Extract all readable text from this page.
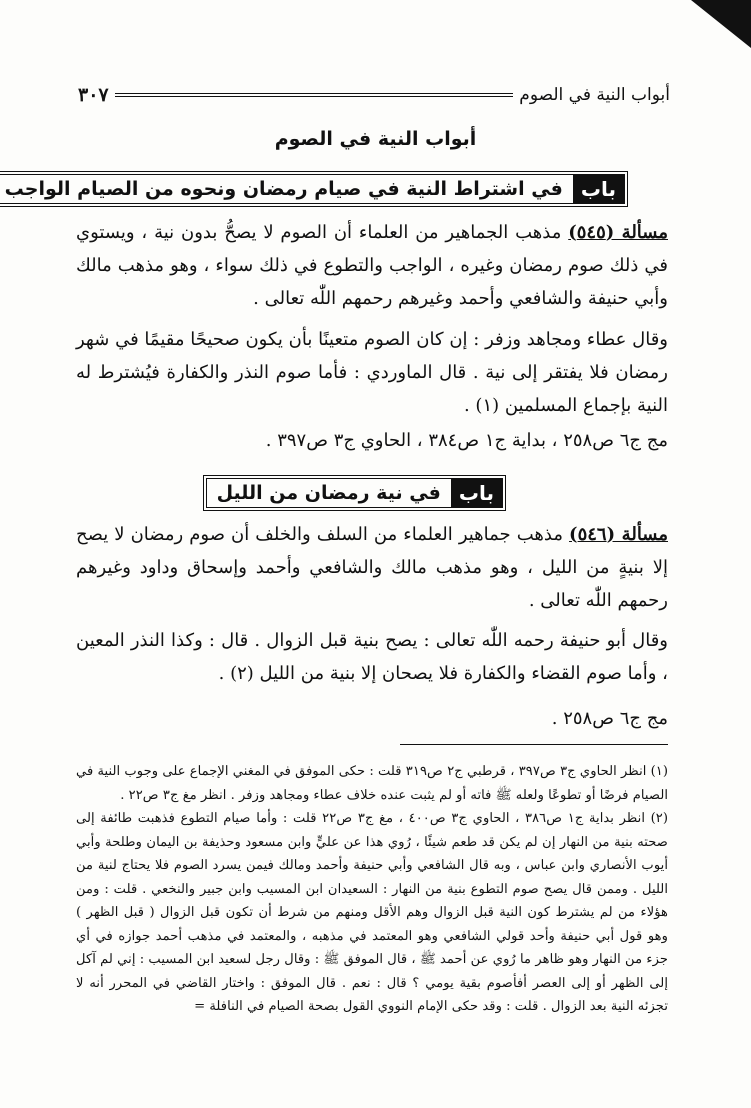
أبواب النية في الصوم
٣٠٧
أبواب النية في الصوم
باب
في اشتراط النية في صيام رمضان ونحوه من الصيام الواجب

مسألة (٥٤٥) مذهب الجماهير من العلماء أن الصوم لا يصحُّ بدون نية ، ويستوي في ذلك صوم رمضان وغيره ، الواجب والتطوع في ذلك سواء ، وهو مذهب مالك وأبي حنيفة والشافعي وأحمد وغيرهم رحمهم اللّٰه تعالى .

وقال عطاء ومجاهد وزفر : إن كان الصوم متعينًا بأن يكون صحيحًا مقيمًا في شهر رمضان فلا يفتقر إلى نية . قال الماوردي : فأما صوم النذر والكفارة فيُشترط له النية بإجماع المسلمين (١) .

مج ج٦ ص٢٥٨ ، بداية ج١ ص٣٨٤ ، الحاوي ج٣ ص٣٩٧ .
باب
في نية رمضان من الليل

مسألة (٥٤٦) مذهب جماهير العلماء من السلف والخلف أن صوم رمضان لا يصح إلا بنيةٍ من الليل ، وهو مذهب مالك والشافعي وأحمد وإسحاق وداود وغيرهم رحمهم اللّٰه تعالى .

وقال أبو حنيفة رحمه اللّٰه تعالى : يصح بنية قبل الزوال . قال : وكذا النذر المعين ، وأما صوم القضاء والكفارة فلا يصحان إلا بنية من الليل (٢) .

مج ج٦ ص٢٥٨ .

(١) انظر الحاوي ج٣ ص٣٩٧ ، قرطبي ج٢ ص٣١٩ قلت : حكى الموفق في المغني الإجماع على وجوب النية في الصيام فرضًا أو تطوعًا ولعله ﷺ فاته أو لم يثبت عنده خلاف عطاء ومجاهد وزفر . انظر مغ ج٣ ص٢٢ .

(٢) انظر بداية ج١ ص٣٨٦ ، الحاوي ج٣ ص٤٠٠ ، مغ ج٣ ص٢٢ قلت : وأما صيام التطوع فذهبت طائفة إلى صحته بنية من النهار إن لم يكن قد طعم شيئًا ، رُوي هذا عن عليٍّ وابن مسعود وحذيفة بن اليمان وطلحة وأبي أيوب الأنصاري وابن عباس ، وبه قال الشافعي وأبي حنيفة وأحمد ومالك فيمن يسرد الصوم فلا يحتاج لنية من الليل . وممن قال يصح صوم التطوع بنية من النهار : السعيدان ابن المسيب وابن جبير والنخعي . قلت : ومن هؤلاء من لم يشترط كون النية قبل الزوال وهم الأقل ومنهم من شرط أن تكون قبل الزوال ( قبل الظهر ) وهو قول أبي حنيفة وأحد قولي الشافعي وهو المعتمد في مذهبه ، والمعتمد في مذهب أحمد جوازه في أي جزء من النهار وهو ظاهر ما رُوي عن أحمد ﷺ ، قال الموفق ﷺ : وقال رجل لسعيد ابن المسيب : إني لم آكل إلى الظهر أو إلى العصر أفأصوم بقية يومي ؟ قال : نعم . قال الموفق : واختار القاضي في المحرر أنه لا تجزئه النية بعد الزوال . قلت : وقد حكى الإمام النووي القول بصحة الصيام في النافلة =
